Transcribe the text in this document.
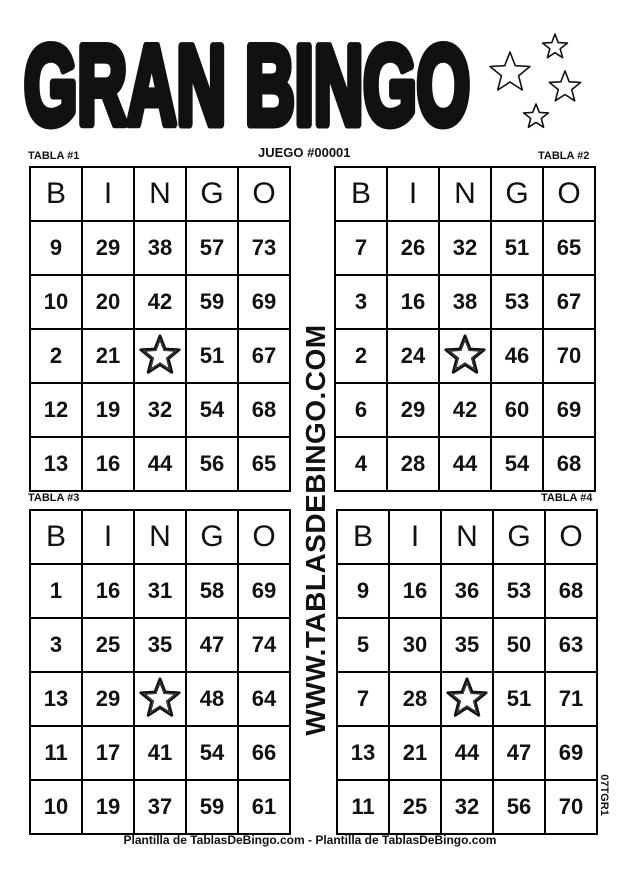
GRAN BINGO
GRAN BINGO
TABLA #1	JUEGO #00001	TABLA #2
TABLA #3	TABLA #4
B	I	N	G	O
9	29	38	57	73
10	20	42	59	69
2	21		51	67
12	19	32	54	68
13	16	44	56	65
B	I	N	G	O
7	26	32	51	65
3	16	38	53	67
2	24		46	70
6	29	42	60	69
4	28	44	54	68
B	I	N	G	O
1	16	31	58	69
3	25	35	47	74
13	29		48	64
11	17	41	54	66
10	19	37	59	61
B	I	N	G	O
9	16	36	53	68
5	30	35	50	63
7	28		51	71
13	21	44	47	69
11	25	32	56	70
WWW.TABLASDEBINGO.COM
07TGR1
Plantilla de TablasDeBingo.com - Plantilla de TablasDeBingo.com
